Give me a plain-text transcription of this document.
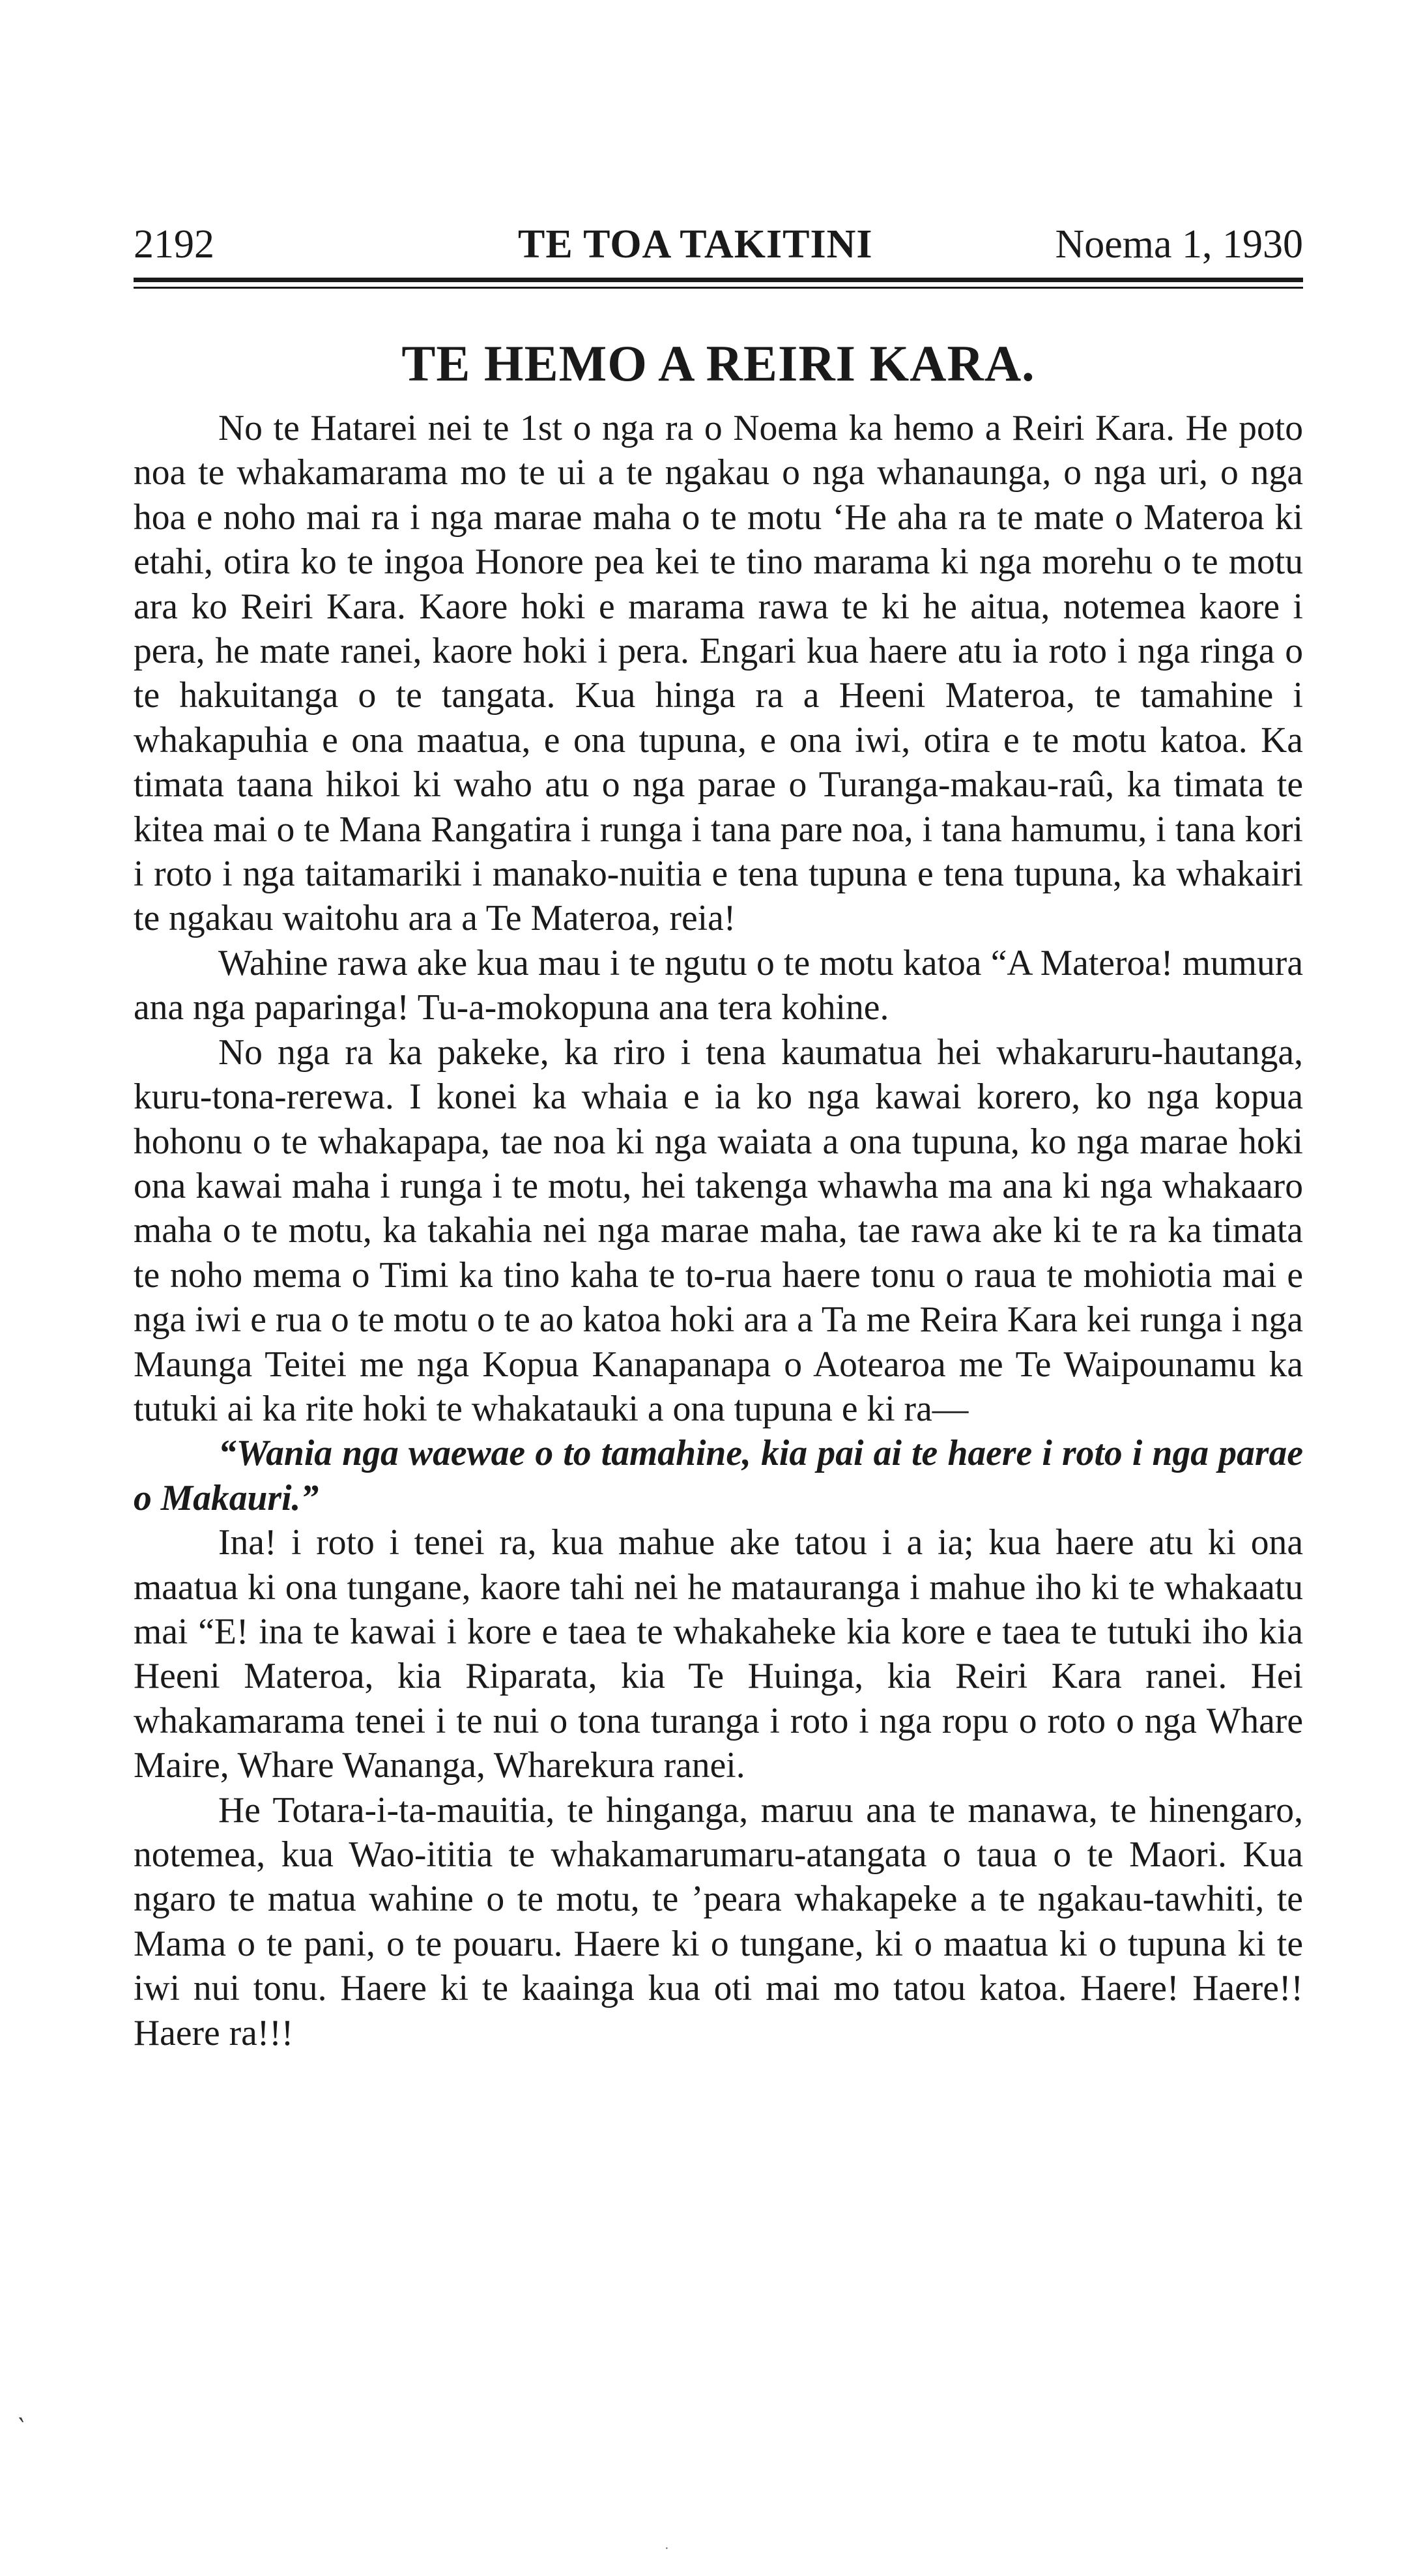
2192	TE TOA TAKITINI	Noema 1, 1930
TE HEMO A REIRI KARA.

No te Hatarei nei te 1st o nga ra o Noema ka hemo a Reiri Kara. He poto noa te whakamarama mo te ui a te ngakau o nga whanaunga, o nga uri, o nga hoa e noho mai ra i nga marae maha o te motu ‘He aha ra te mate o Materoa ki etahi, otira ko te ingoa Honore pea kei te tino marama ki nga morehu o te motu ara ko Reiri Kara. Kaore hoki e marama rawa te ki he aitua, notemea kaore i pera, he mate ranei, kaore hoki i pera. Engari kua haere atu ia roto i nga ringa o te hakuitanga o te tangata. Kua hinga ra a Heeni Materoa, te tamahine i whakapuhia e ona maatua, e ona tupuna, e ona iwi, otira e te motu katoa. Ka timata taana hikoi ki waho atu o nga parae o Turanga-makau-raû, ka timata te kitea mai o te Mana Rangatira i runga i tana pare noa, i tana hamumu, i tana kori i roto i nga taitamariki i manako-nuitia e tena tupuna e tena tupuna, ka whakairi te ngakau waitohu ara a Te Materoa, reia!

Wahine rawa ake kua mau i te ngutu o te motu katoa “A Materoa! mumura ana nga paparinga! Tu-a-mokopuna ana tera kohine.

No nga ra ka pakeke, ka riro i tena kaumatua hei whakaruru-hautanga, kuru-tona-rerewa. I konei ka whaia e ia ko nga kawai korero, ko nga kopua hohonu o te whakapapa, tae noa ki nga waiata a ona tupuna, ko nga marae hoki ona kawai maha i runga i te motu, hei takenga whawha ma ana ki nga whakaaro maha o te motu, ka takahia nei nga marae maha, tae rawa ake ki te ra ka timata te noho mema o Timi ka tino kaha te to-rua haere tonu o raua te mohiotia mai e nga iwi e rua o te motu o te ao katoa hoki ara a Ta me Reira Kara kei runga i nga Maunga Teitei me nga Kopua Kanapanapa o Aotearoa me Te Waipounamu ka tutuki ai ka rite hoki te whakatauki a ona tupuna e ki ra—

“Wania nga waewae o to tamahine, kia pai ai te haere i roto i nga parae o Makauri.”

Ina! i roto i tenei ra, kua mahue ake tatou i a ia; kua haere atu ki ona maatua ki ona tungane, kaore tahi nei he matauranga i mahue iho ki te whakaatu mai “E! ina te kawai i kore e taea te whakaheke kia kore e taea te tutuki iho kia Heeni Materoa, kia Riparata, kia Te Huinga, kia Reiri Kara ranei. Hei whakamarama tenei i te nui o tona turanga i roto i nga ropu o roto o nga Whare Maire, Whare Wananga, Wharekura ranei.

He Totara-i-ta-mauitia, te hinganga, maruu ana te manawa, te hinengaro, notemea, kua Wao-ititia te whakamarumaru-atangata o taua o te Maori. Kua ngaro te matua wahine o te motu, te ’peara whakapeke a te ngakau-tawhiti, te Mama o te pani, o te pouaru. Haere ki o tungane, ki o maatua ki o tupuna ki te iwi nui tonu. Haere ki te kaainga kua oti mai mo tatou katoa. Haere! Haere!! Haere ra!!!

‵
·
